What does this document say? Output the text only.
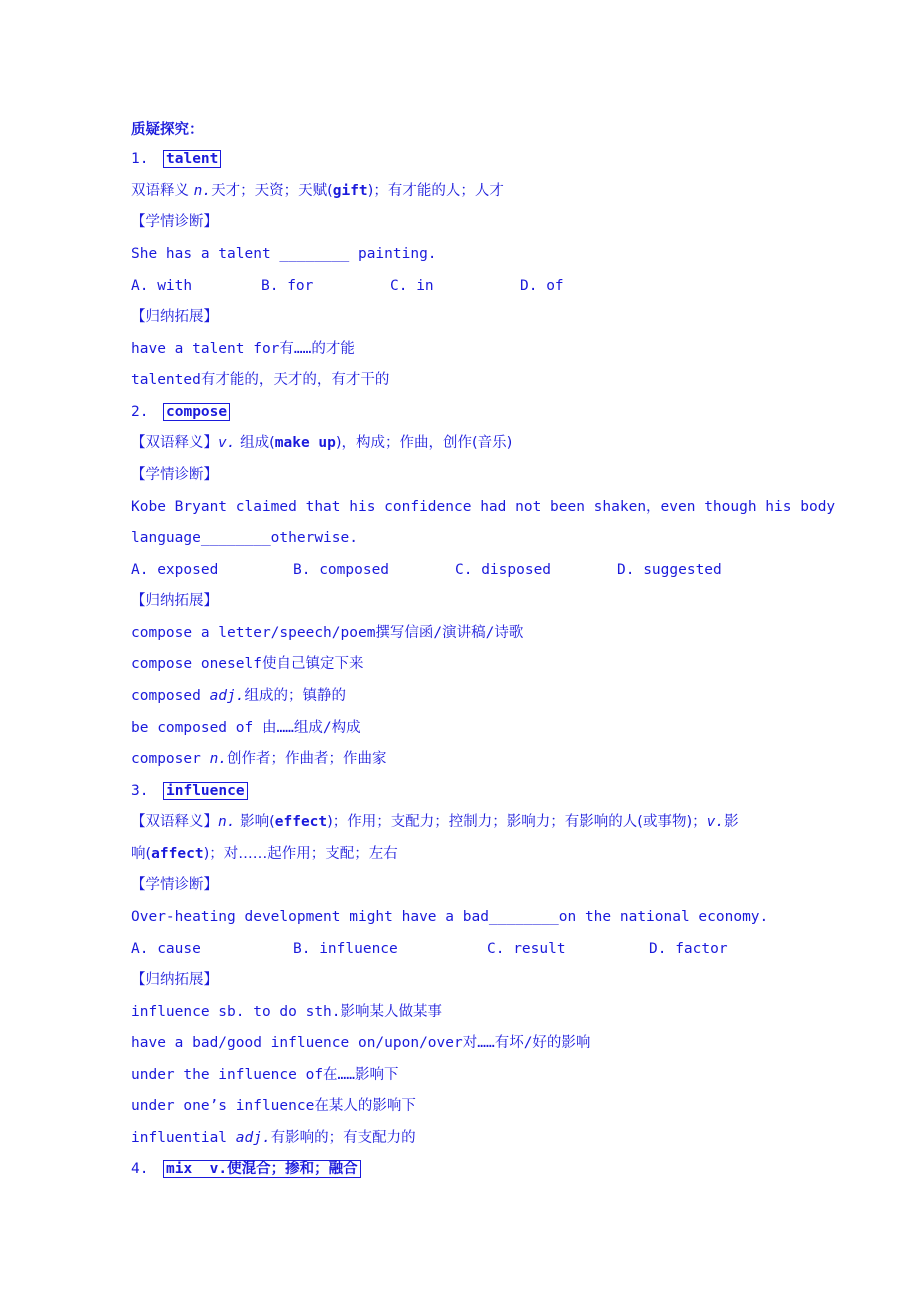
质疑探究：
1. talent
双语释义 n.天才；天资；天赋(gift)；有才能的人；人才
【学情诊断】
She has a talent ________ painting.

A. with

	B. for

	C. in

	D. of

【归纳拓展】
have a talent for有……的才能
talented有才能的，天才的，有才干的
2. compose
【双语释义】v. 组成(make up)，构成；作曲，创作(音乐)
【学情诊断】
Kobe Bryant claimed that his confidence had not been shaken，even though his body
language________otherwise.

A. exposed

	B. composed

	C. disposed

	D. suggested

【归纳拓展】
compose a letter/speech/poem撰写信函/演讲稿/诗歌
compose oneself使自己镇定下来
composed adj.组成的；镇静的
be composed of 由……组成/构成
composer n.创作者；作曲者；作曲家
3. influence
【双语释义】n. 影响(effect)；作用；支配力；控制力；影响力；有影响的人(或事物)；v.影
响(affect)；对……起作用；支配；左右
【学情诊断】
Over-heating development might have a bad________on the national economy.

A. cause

	B. influence

	C. result

	D. factor

【归纳拓展】
influence sb. to do sth.影响某人做某事
have a bad/good influence on/upon/over对……有坏/好的影响
under the influence of在……影响下
under one’s influence在某人的影响下
influential adj.有影响的；有支配力的
4. mix  v.使混合；掺和；融合
